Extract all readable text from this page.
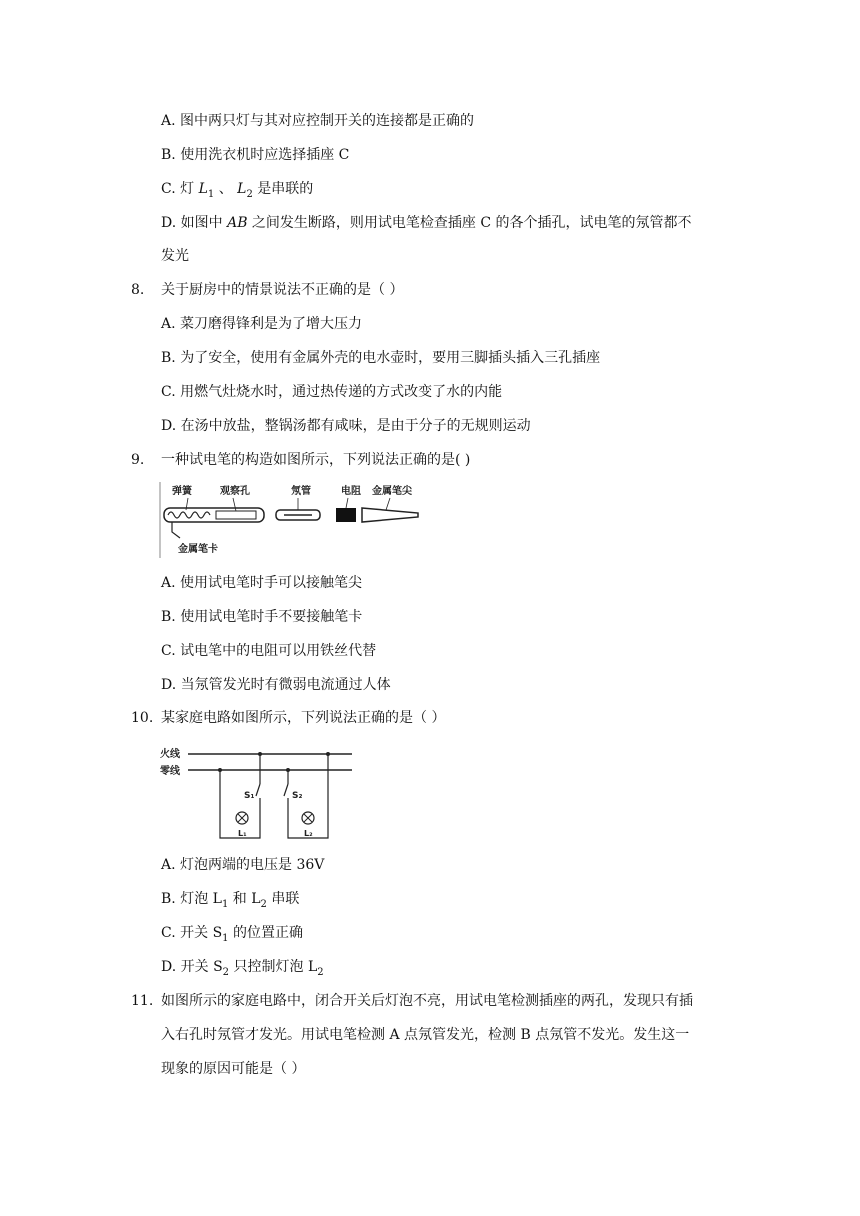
A. 图中两只灯与其对应控制开关的连接都是正确的
B. 使用洗衣机时应选择插座 C
C. 灯 $L_1$ 、 $L_2$ 是串联的
D. 如图中 AB 之间发生断路，则用试电笔检查插座 C 的各个插孔，试电笔的氖管都不
发光
8. 关于厨房中的情景说法不正确的是（ ）
A. 菜刀磨得锋利是为了增大压力
B. 为了安全，使用有金属外壳的电水壶时，要用三脚插头插入三孔插座
C. 用燃气灶烧水时，通过热传递的方式改变了水的内能
D. 在汤中放盐，整锅汤都有咸味，是由于分子的无规则运动
9. 一种试电笔的构造如图所示，下列说法正确的是( )
弹簧	观察孔	氖管	电阻 金属笔尖
金属笔卡
A. 使用试电笔时手可以接触笔尖
B. 使用试电笔时手不要接触笔卡
C. 试电笔中的电阻可以用铁丝代替
D. 当氖管发光时有微弱电流通过人体
10. 某家庭电路如图所示，下列说法正确的是（ ）
火线
零线
S₁
L₁
S₂
L₂
A. 灯泡两端的电压是 36V
B. 灯泡 $L_1$ 和 $L_2$ 串联
C. 开关 $S_1$ 的位置正确
D. 开关 $S_2$ 只控制灯泡 $L_2$
11. 如图所示的家庭电路中，闭合开关后灯泡不亮，用试电笔检测插座的两孔，发现只有插
入右孔时氖管才发光。用试电笔检测 A 点氖管发光，检测 B 点氖管不发光。发生这一
现象的原因可能是（ ）
